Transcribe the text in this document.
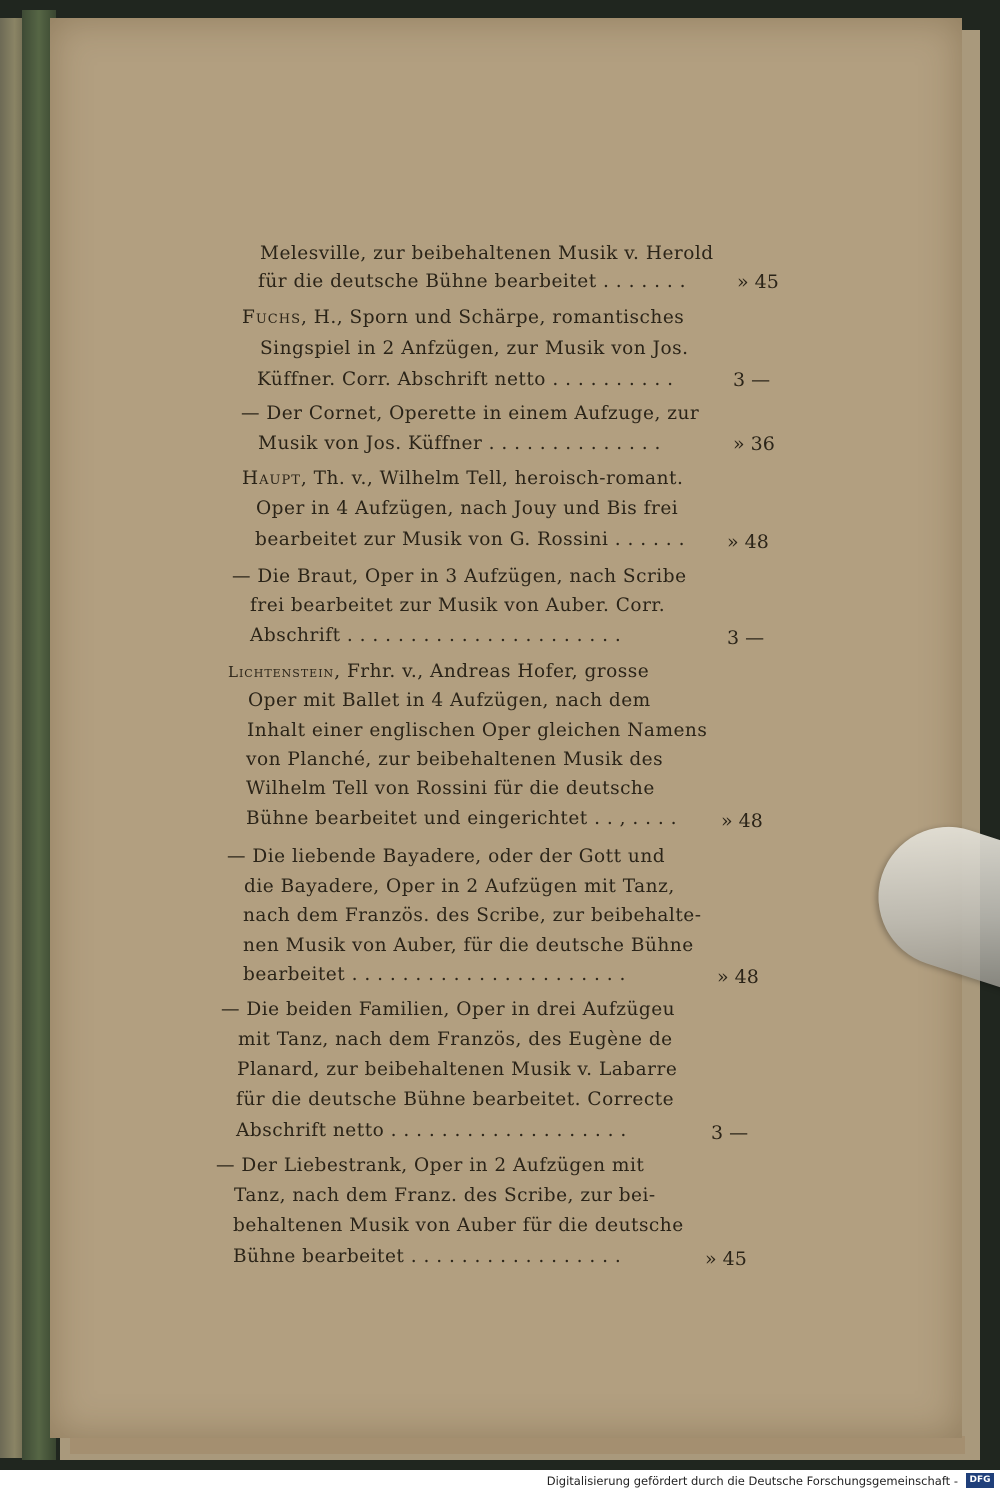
Melesville, zur beibehaltenen Musik v. Herold
für die deutsche Bühne bearbeitet . . . . . . .	» 45
Fuchs, H., Sporn und Schärpe, romantisches
Singspiel in 2 Anfzügen, zur Musik von Jos.
Küffner. Corr. Abschrift netto . . . . . . . . . .	3 —
— Der Cornet, Operette in einem Aufzuge, zur
Musik von Jos. Küffner . . . . . . . . . . . . . .	» 36
Haupt, Th. v., Wilhelm Tell, heroisch-romant.
Oper in 4 Aufzügen, nach Jouy und Bis frei
bearbeitet zur Musik von G. Rossini . . . . . . » 48
— Die Braut, Oper in 3 Aufzügen, nach Scribe
frei bearbeitet zur Musik von Auber. Corr.
Abschrift . . . . . . . . . . . . . . . . . . . . . .	3 —
Lichtenstein, Frhr. v., Andreas Hofer, grosse
Oper mit Ballet in 4 Aufzügen, nach dem
Inhalt einer englischen Oper gleichen Namens
von Planché, zur beibehaltenen Musik des
Wilhelm Tell von Rossini für die deutsche
Bühne bearbeitet und eingerichtet . . , . . . . » 48
— Die liebende Bayadere, oder der Gott und
die Bayadere, Oper in 2 Aufzügen mit Tanz,
nach dem Französ. des Scribe, zur beibehalte-
nen Musik von Auber, für die deutsche Bühne
bearbeitet . . . . . . . . . . . . . . . . . . . . . .	» 48
— Die beiden Familien, Oper in drei Aufzügeu
mit Tanz, nach dem Französ, des Eugène de
Planard, zur beibehaltenen Musik v. Labarre
für die deutsche Bühne bearbeitet. Correcte
Abschrift netto . . . . . . . . . . . . . . . . . . .	3 —
— Der Liebestrank, Oper in 2 Aufzügen mit
Tanz, nach dem Franz. des Scribe, zur bei-
behaltenen Musik von Auber für die deutsche
Bühne bearbeitet . . . . . . . . . . . . . . . . .	» 45
Digitalisierung gefördert durch die Deutsche Forschungsgemeinschaft -	DFG
